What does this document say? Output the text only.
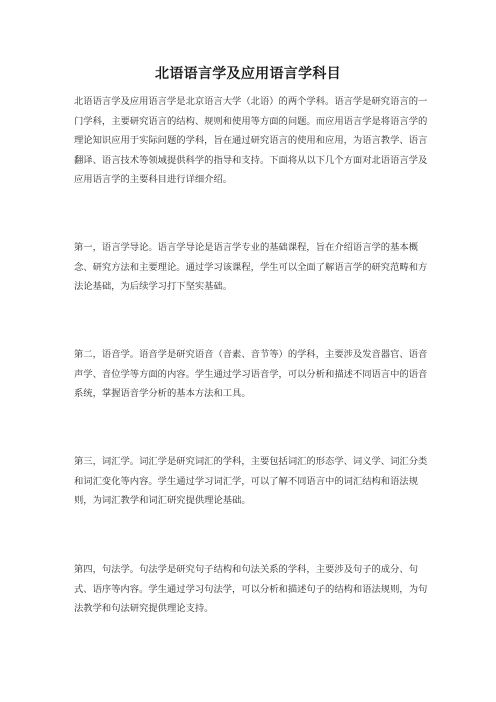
北语语言学及应用语言学科目

北语语言学及应用语言学是北京语言大学（北语）的两个学科。语言学是研究语言的一门学科，主要研究语言的结构、规则和使用等方面的问题。而应用语言学是将语言学的理论知识应用于实际问题的学科，旨在通过研究语言的使用和应用，为语言教学、语言翻译、语言技术等领域提供科学的指导和支持。下面将从以下几个方面对北语语言学及应用语言学的主要科目进行详细介绍。

第一，语言学导论。语言学导论是语言学专业的基础课程，旨在介绍语言学的基本概念、研究方法和主要理论。通过学习该课程，学生可以全面了解语言学的研究范畴和方法论基础，为后续学习打下坚实基础。

第二，语音学。语音学是研究语音（音素、音节等）的学科，主要涉及发音器官、语音声学、音位学等方面的内容。学生通过学习语音学，可以分析和描述不同语言中的语音系统，掌握语音学分析的基本方法和工具。

第三，词汇学。词汇学是研究词汇的学科，主要包括词汇的形态学、词义学、词汇分类和词汇变化等内容。学生通过学习词汇学，可以了解不同语言中的词汇结构和语法规则，为词汇教学和词汇研究提供理论基础。

第四，句法学。句法学是研究句子结构和句法关系的学科，主要涉及句子的成分、句式、语序等内容。学生通过学习句法学，可以分析和描述句子的结构和语法规则，为句法教学和句法研究提供理论支持。
